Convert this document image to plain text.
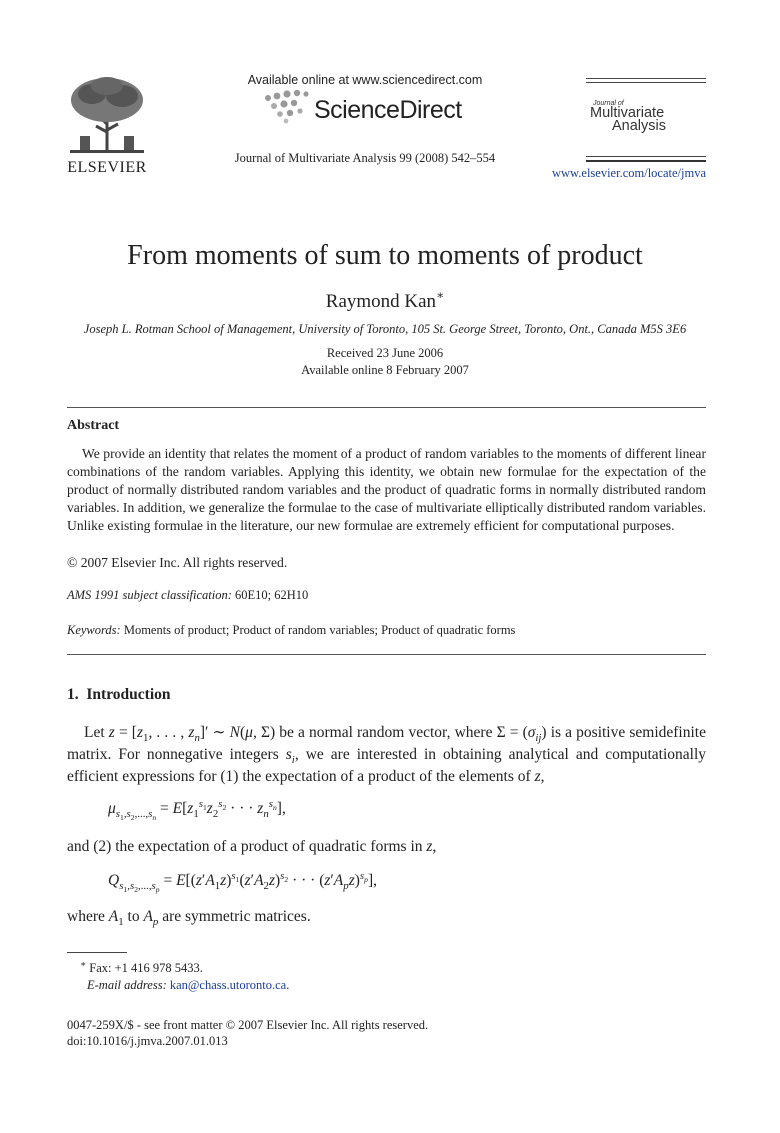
ELSEVIER
Available online at www.sciencedirect.com
ScienceDirect
Journal of Multivariate Analysis 99 (2008) 542–554
Journal of
Multivariate
Analysis
www.elsevier.com/locate/jmva
From moments of sum to moments of product
Raymond Kan∗
Joseph L. Rotman School of Management, University of Toronto, 105 St. George Street, Toronto, Ont., Canada M5S 3E6
Received 23 June 2006
Available online 8 February 2007
Abstract
We provide an identity that relates the moment of a product of random variables to the moments of different linear combinations of the random variables. Applying this identity, we obtain new formulae for the expectation of the product of normally distributed random variables and the product of quadratic forms in normally distributed random variables. In addition, we generalize the formulae to the case of multivariate elliptically distributed random variables. Unlike existing formulae in the literature, our new formulae are extremely efficient for computational purposes.
© 2007 Elsevier Inc. All rights reserved.
AMS 1991 subject classification: 60E10; 62H10
Keywords: Moments of product; Product of random variables; Product of quadratic forms
1.  Introduction
Let $z = [z_1$, . . . , $z_n]'$ ∼ N(μ, Σ) be a normal random vector, where $\Sigma = (\sigma_{ij})$ is a positive semidefinite matrix. For nonnegative integers $s_i$, we are interested in obtaining analytical and computationally efficient expressions for (1) the expectation of a product of the elements of z,
$\mu_{s_1,s_2,...,s_n} = E[z_1^{s_1}z_2^{s_2}$ · · · $z_n^{s_n}$],
and (2) the expectation of a product of quadratic forms in z,
$Q_{s_1,s_2,...,s_p} = E[(z'A_1z)^{s_1}(z'A_2z)^{s_2}$ · · · $(z'A_pz)^{s_p}$],
where $A_1$ to $A_p$ are symmetric matrices.
∗ Fax: +1 416 978 5433.
E-mail address: kan@chass.utoronto.ca.
0047-259X/$ - see front matter © 2007 Elsevier Inc. All rights reserved.
doi:10.1016/j.jmva.2007.01.013
